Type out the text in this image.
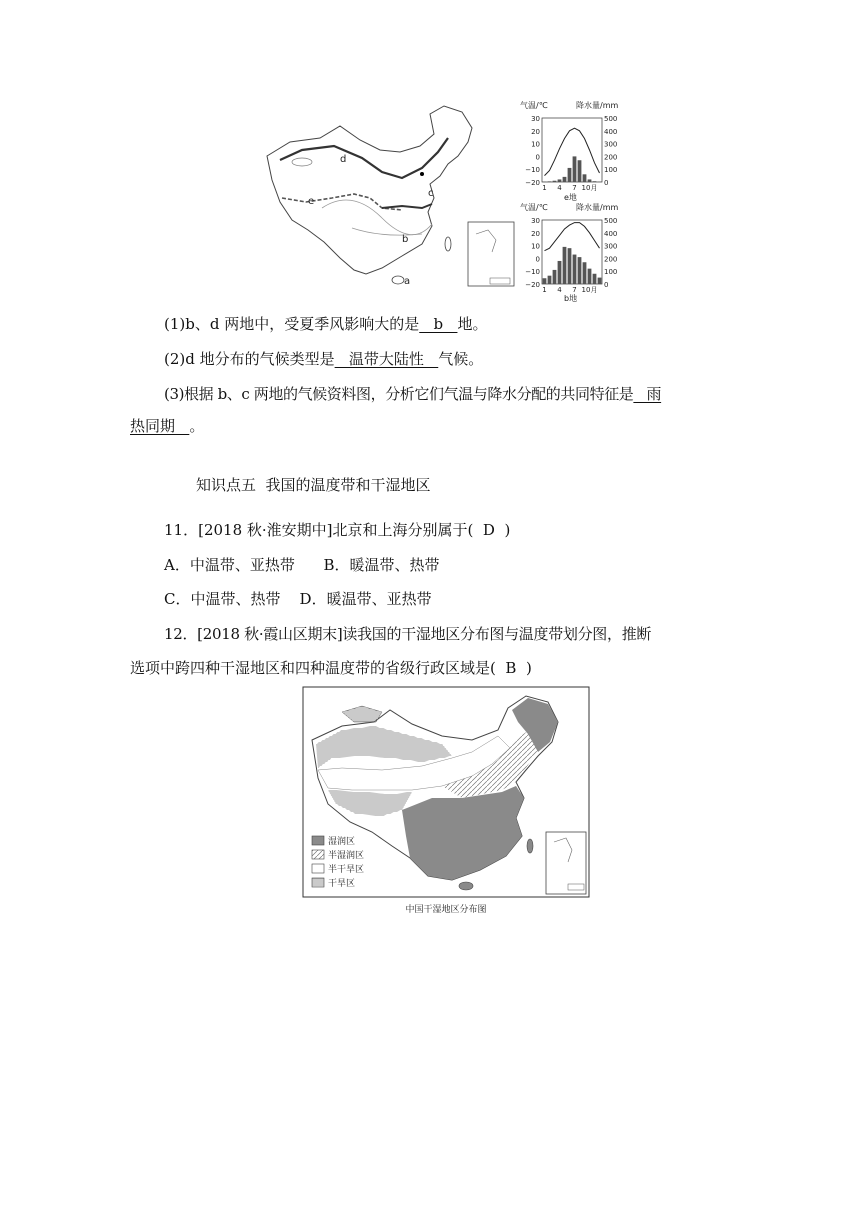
d
e
c
b
a
气温/℃	降水量/mm
30
20
10
0
−10
−20
500
400
300
200
100
0
1 4 7 10月
e地
气温/℃	降水量/mm
30
20
10
0
−10
−20
500
400
300
200
100
0
1 4 7 10月
b地
(1)b、d 两地中，受夏季风影响大的是   b   地。
(2)d 地分布的气候类型是   温带大陆性   气候。
(3)根据 b、c 两地的气候资料图，分析它们气温与降水分配的共同特征是   雨
热同期   。
知识点五  我国的温度带和干湿地区
11．[2018 秋·淮安期中]北京和上海分别属于(  D  )
A．中温带、亚热带      B．暖温带、热带
C．中温带、热带    D．暖温带、亚热带
12．[2018 秋·霞山区期末]读我国的干湿地区分布图与温度带划分图，推断
选项中跨四种干湿地区和四种温度带的省级行政区域是(  B  )
湿润区
半湿润区
半干旱区
干旱区
中国干湿地区分布图
